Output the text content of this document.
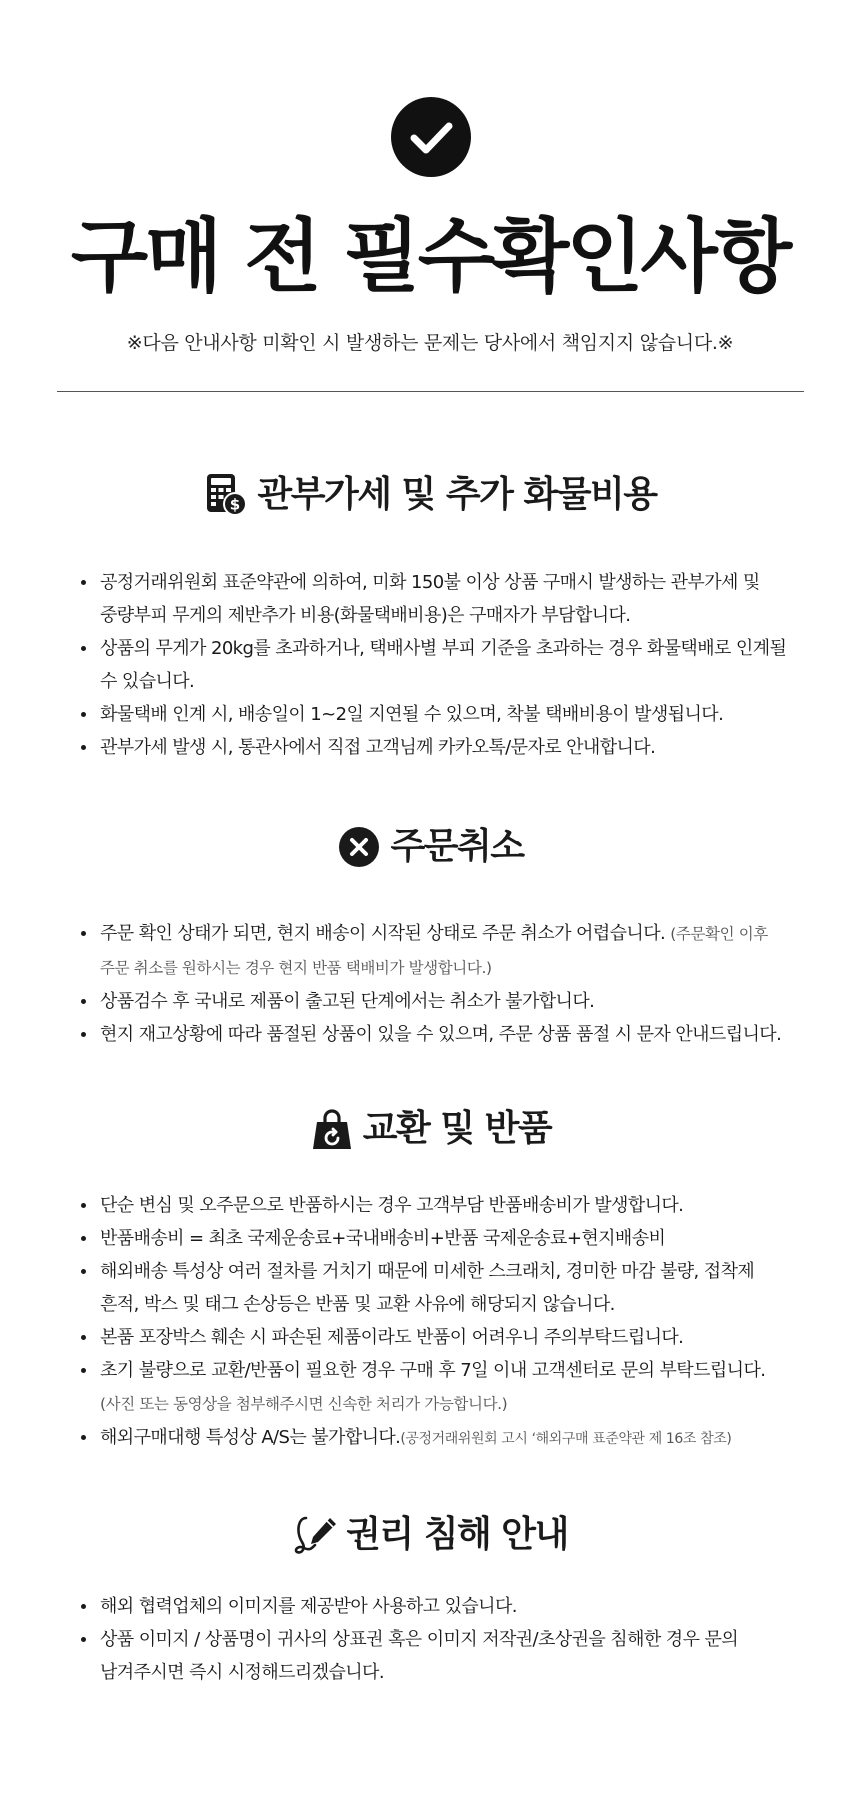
구매 전 필수확인사항
※다음 안내사항 미확인 시 발생하는 문제는 당사에서 책임지지 않습니다.※
$ 관부가세 및 추가 화물비용
공정거래위원회 표준약관에 의하여, 미화 150불 이상 상품 구매시 발생하는 관부가세 및 중량부피 무게의 제반추가 비용(화물택배비용)은 구매자가 부담합니다.
상품의 무게가 20kg를 초과하거나, 택배사별 부피 기준을 초과하는 경우 화물택배로 인계될 수 있습니다.
화물택배 인계 시, 배송일이 1~2일 지연될 수 있으며, 착불 택배비용이 발생됩니다.
관부가세 발생 시, 통관사에서 직접 고객님께 카카오톡/문자로 안내합니다.
주문취소
주문 확인 상태가 되면, 현지 배송이 시작된 상태로 주문 취소가 어렵습니다. (주문확인 이후 주문 취소를 원하시는 경우 현지 반품 택배비가 발생합니다.)
상품검수 후 국내로 제품이 출고된 단계에서는 취소가 불가합니다.
현지 재고상황에 따라 품절된 상품이 있을 수 있으며, 주문 상품 품절 시 문자 안내드립니다.
교환 및 반품
단순 변심 및 오주문으로 반품하시는 경우 고객부담 반품배송비가 발생합니다.
반품배송비 = 최초 국제운송료+국내배송비+반품 국제운송료+현지배송비
해외배송 특성상 여러 절차를 거치기 때문에 미세한 스크래치, 경미한 마감 불량, 접착제 흔적, 박스 및 태그 손상등은 반품 및 교환 사유에 해당되지 않습니다.
본품 포장박스 훼손 시 파손된 제품이라도 반품이 어려우니 주의부탁드립니다.
초기 불량으로 교환/반품이 필요한 경우 구매 후 7일 이내 고객센터로 문의 부탁드립니다.
(사진 또는 동영상을 첨부해주시면 신속한 처리가 가능합니다.)
해외구매대행 특성상 A/S는 불가합니다.(공정거래위원회 고시 ‘해외구매 표준약관 제 16조 참조)
권리 침해 안내
해외 협력업체의 이미지를 제공받아 사용하고 있습니다.
상품 이미지 / 상품명이 귀사의 상표권 혹은 이미지 저작권/초상권을 침해한 경우 문의 남겨주시면 즉시 시정해드리겠습니다.
